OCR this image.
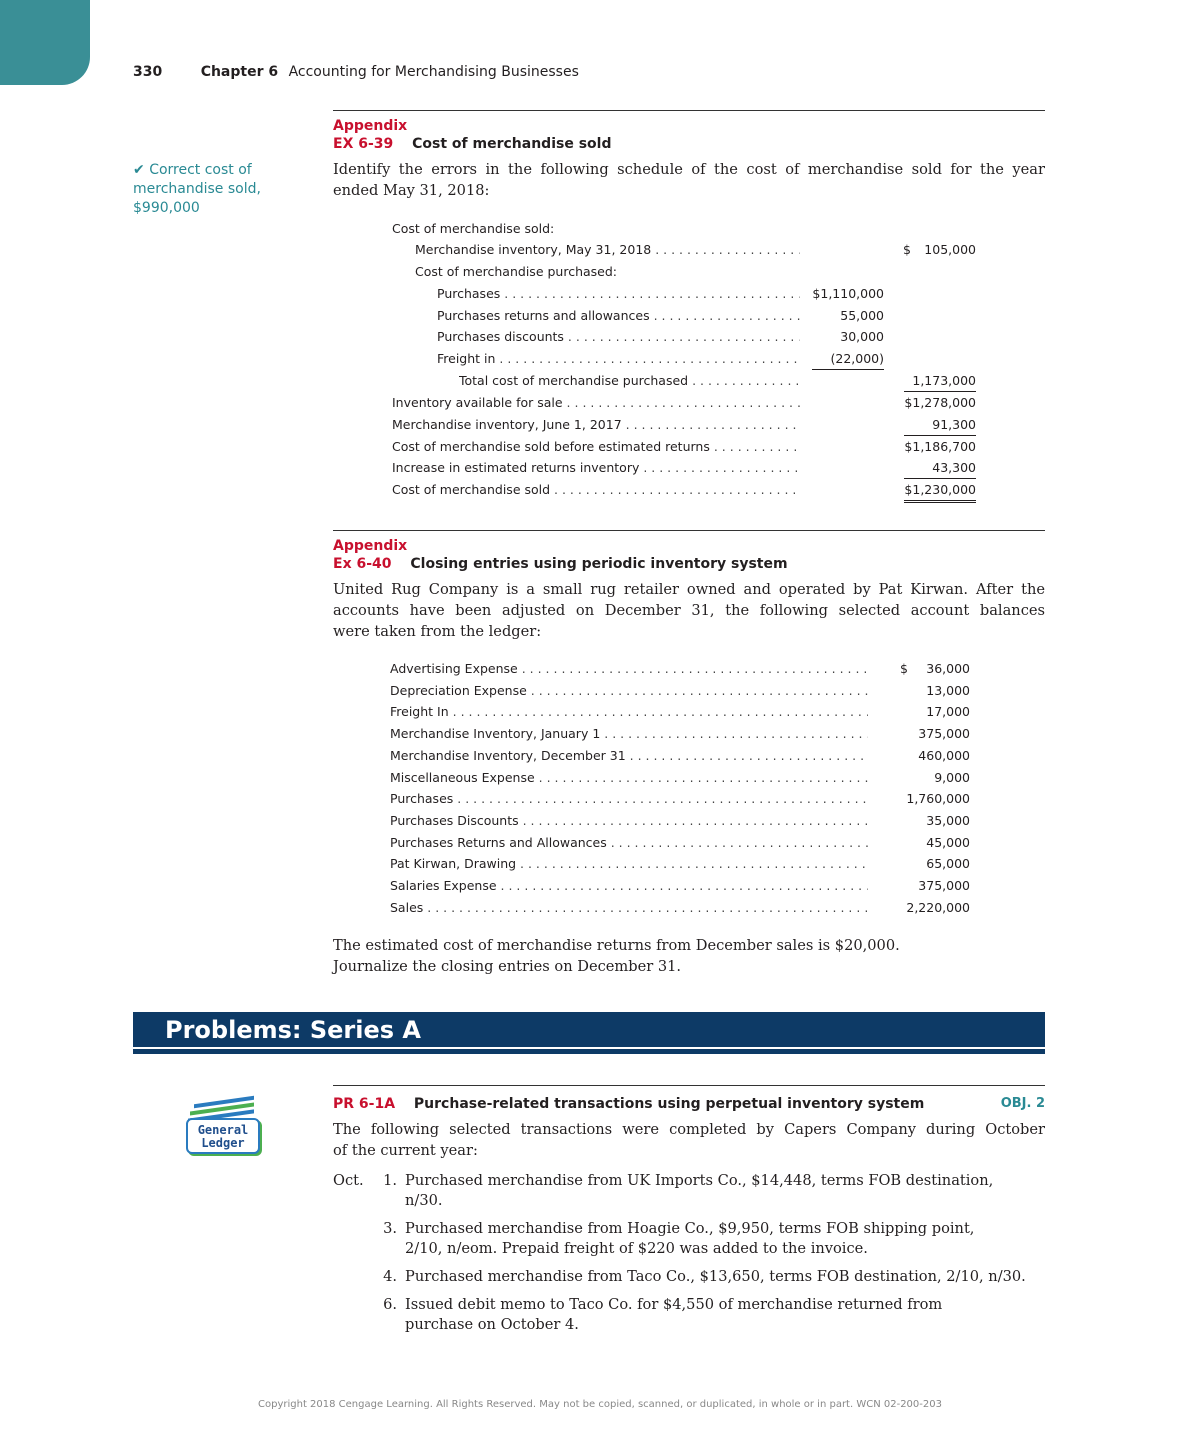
330	Chapter 6 Accounting for Merchandising Businesses
✔ Correct cost of
merchandise sold,
$990,000
Appendix
EX 6-39 Cost of merchandise sold
Identify the errors in the following schedule of the cost of merchandise sold for the year
ended May 31, 2018:
Cost of merchandise sold:
Merchandise inventory, May 31, 2018 . . .	$	105,000
Cost of merchandise purchased:
Purchases . . .	$1,110,000
Purchases returns and allowances . . .	55,000
Purchases discounts . . .	30,000
Freight in . . .	(22,000)
Total cost of merchandise purchased . . .	1,173,000
Inventory available for sale . . .	$1,278,000
Merchandise inventory, June 1, 2017 . . .	91,300
Cost of merchandise sold before estimated returns . . .	$1,186,700
Increase in estimated returns inventory . . .	43,300
Cost of merchandise sold . . .	$1,230,000
Appendix
Ex 6-40 Closing entries using periodic inventory system
United Rug Company is a small rug retailer owned and operated by Pat Kirwan. After the
accounts have been adjusted on December 31, the following selected account balances
were taken from the ledger:
Advertising Expense . . .	$	36,000
Depreciation Expense . . .	13,000
Freight In . . .	17,000
Merchandise Inventory, January 1 . . .	375,000
Merchandise Inventory, December 31 . . .	460,000
Miscellaneous Expense . . .	9,000
Purchases . . .	1,760,000
Purchases Discounts . . .	35,000
Purchases Returns and Allowances . . .	45,000
Pat Kirwan, Drawing . . .	65,000
Salaries Expense . . .	375,000
Sales . . .	2,220,000
The estimated cost of merchandise returns from December sales is $20,000.
Journalize the closing entries on December 31.
Problems: Series A
General
Ledger
PR 6-1A Purchase-related transactions using perpetual inventory system	OBJ. 2
The following selected transactions were completed by Capers Company during October
of the current year:
Oct.	1. Purchased merchandise from UK Imports Co., $14,448, terms FOB destination,
n/30.
3. Purchased merchandise from Hoagie Co., $9,950, terms FOB shipping point,
2/10, n/eom. Prepaid freight of $220 was added to the invoice.
4. Purchased merchandise from Taco Co., $13,650, terms FOB destination, 2/10, n/30.
6. Issued debit memo to Taco Co. for $4,550 of merchandise returned from
purchase on October 4.
Copyright 2018 Cengage Learning. All Rights Reserved. May not be copied, scanned, or duplicated, in whole or in part. WCN 02-200-203
